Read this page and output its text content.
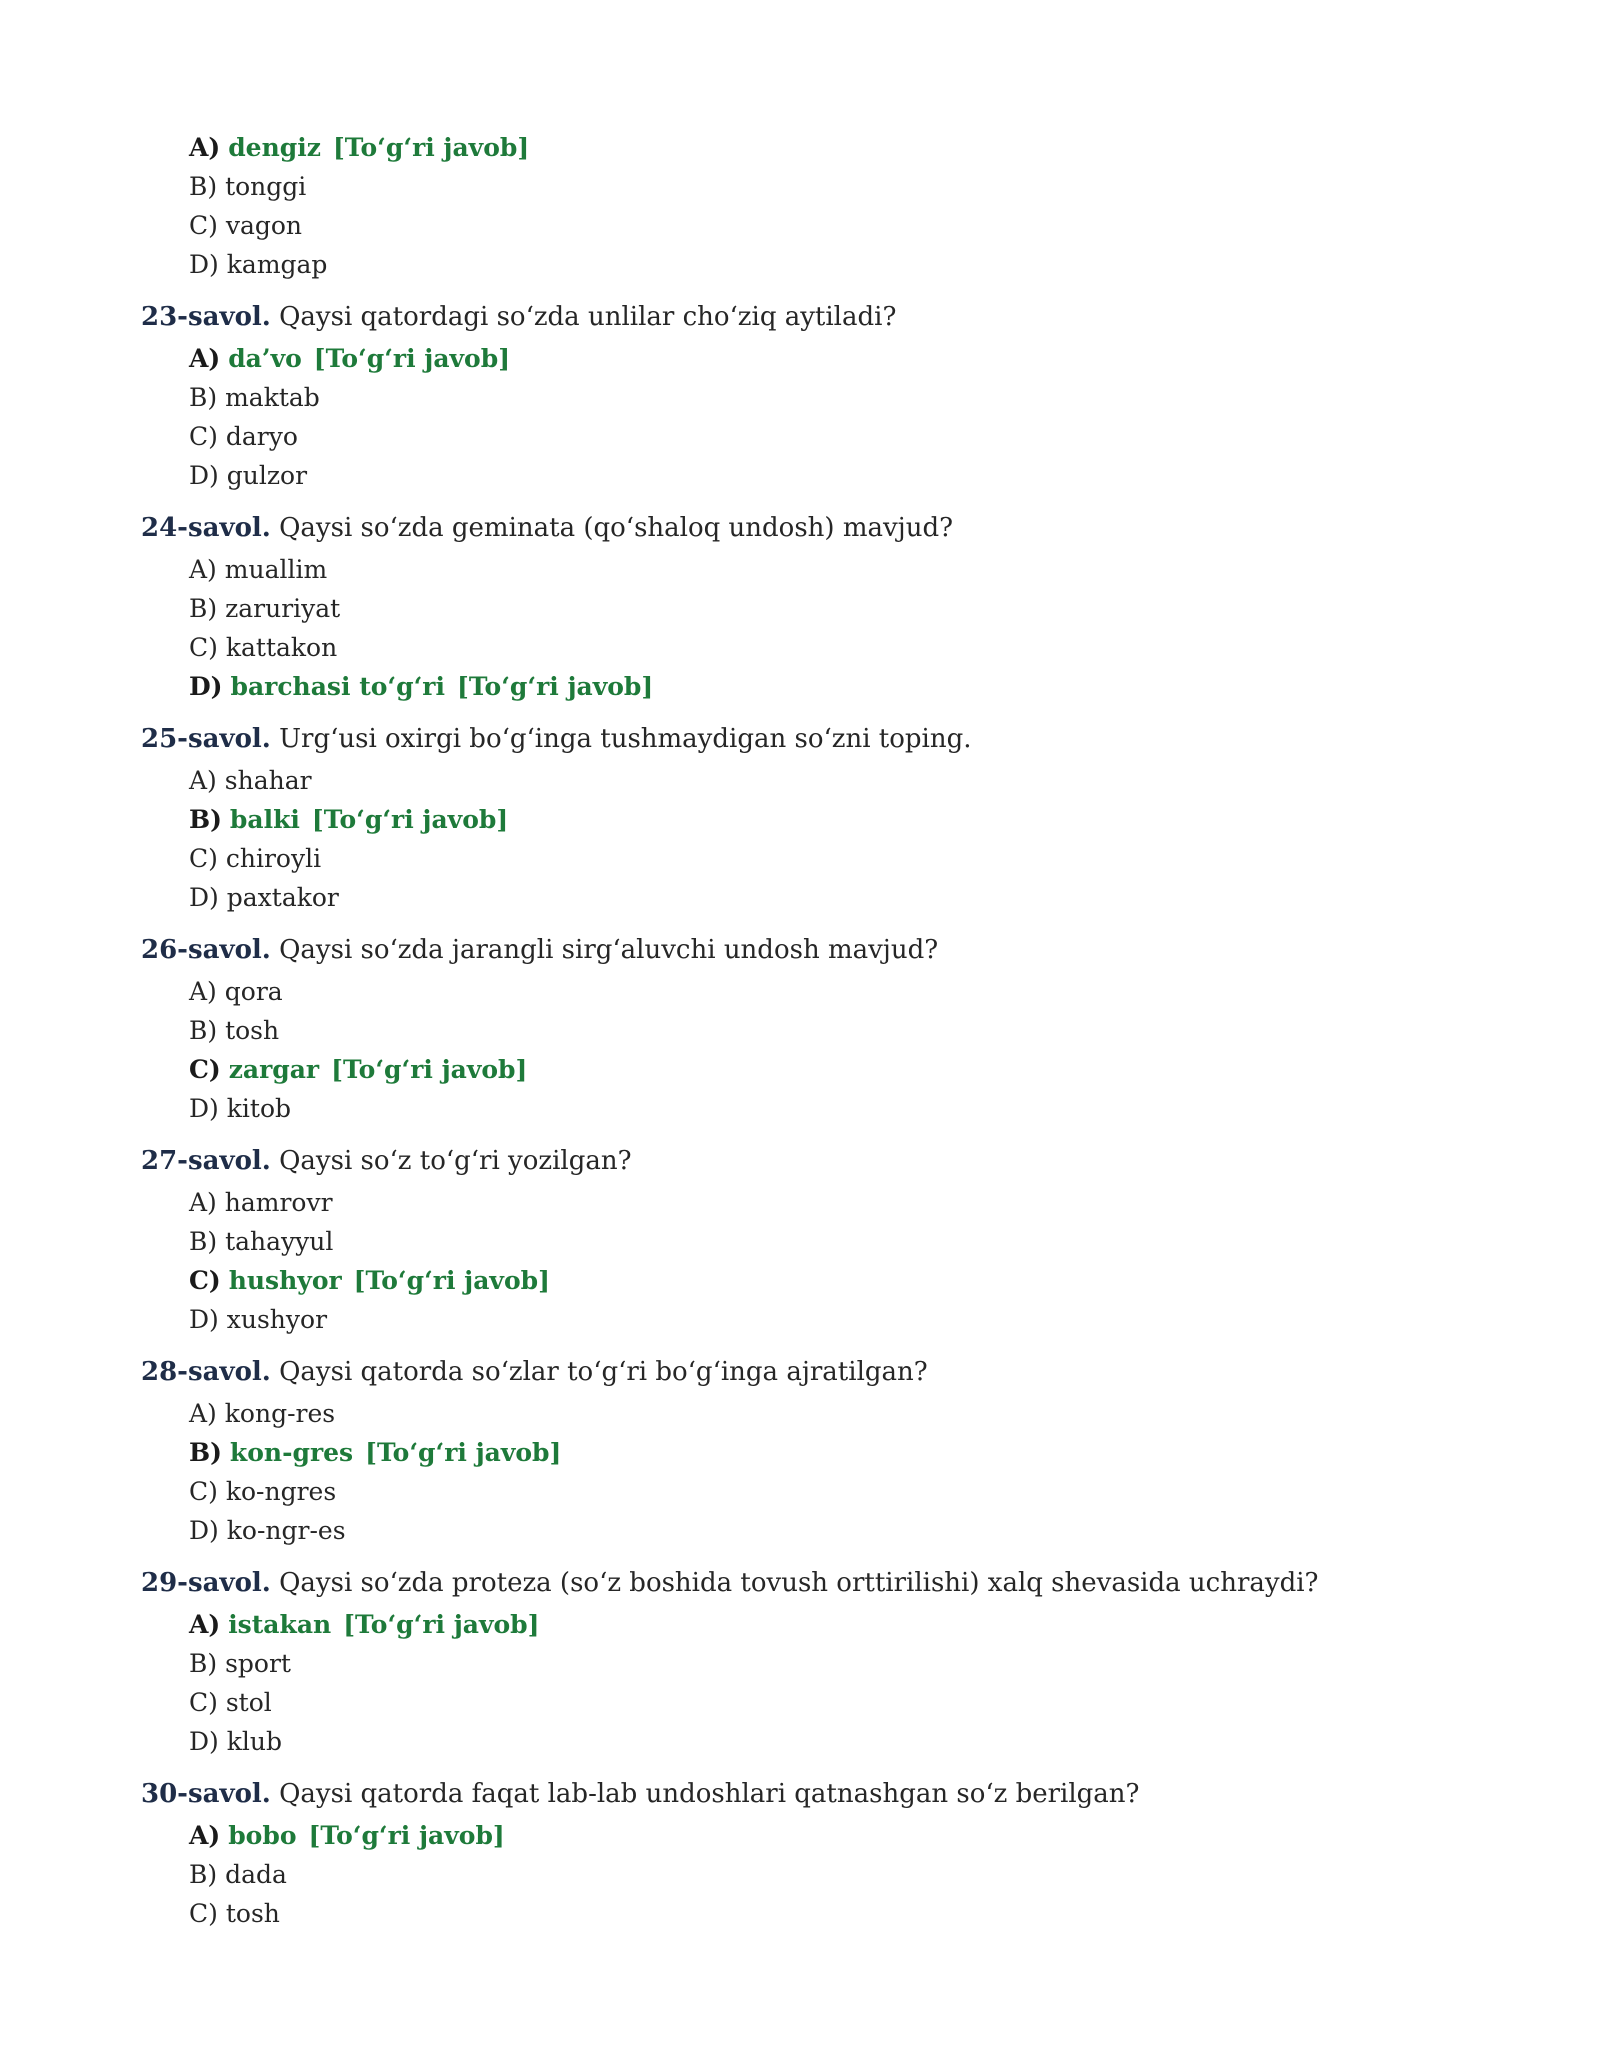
A) dengiz [To‘g‘ri javob]
B) tonggi
C) vagon
D) kamgap
23-savol. Qaysi qatordagi so‘zda unlilar cho‘ziq aytiladi?
A) da’vo [To‘g‘ri javob]
B) maktab
C) daryo
D) gulzor
24-savol. Qaysi so‘zda geminata (qo‘shaloq undosh) mavjud?
A) muallim
B) zaruriyat
C) kattakon
D) barchasi to‘g‘ri [To‘g‘ri javob]
25-savol. Urg‘usi oxirgi bo‘g‘inga tushmaydigan so‘zni toping.
A) shahar
B) balki [To‘g‘ri javob]
C) chiroyli
D) paxtakor
26-savol. Qaysi so‘zda jarangli sirg‘aluvchi undosh mavjud?
A) qora
B) tosh
C) zargar [To‘g‘ri javob]
D) kitob
27-savol. Qaysi so‘z to‘g‘ri yozilgan?
A) hamrovr
B) tahayyul
C) hushyor [To‘g‘ri javob]
D) xushyor
28-savol. Qaysi qatorda so‘zlar to‘g‘ri bo‘g‘inga ajratilgan?
A) kong-res
B) kon-gres [To‘g‘ri javob]
C) ko-ngres
D) ko-ngr-es
29-savol. Qaysi so‘zda proteza (so‘z boshida tovush orttirilishi) xalq shevasida uchraydi?
A) istakan [To‘g‘ri javob]
B) sport
C) stol
D) klub
30-savol. Qaysi qatorda faqat lab-lab undoshlari qatnashgan so‘z berilgan?
A) bobo [To‘g‘ri javob]
B) dada
C) tosh
